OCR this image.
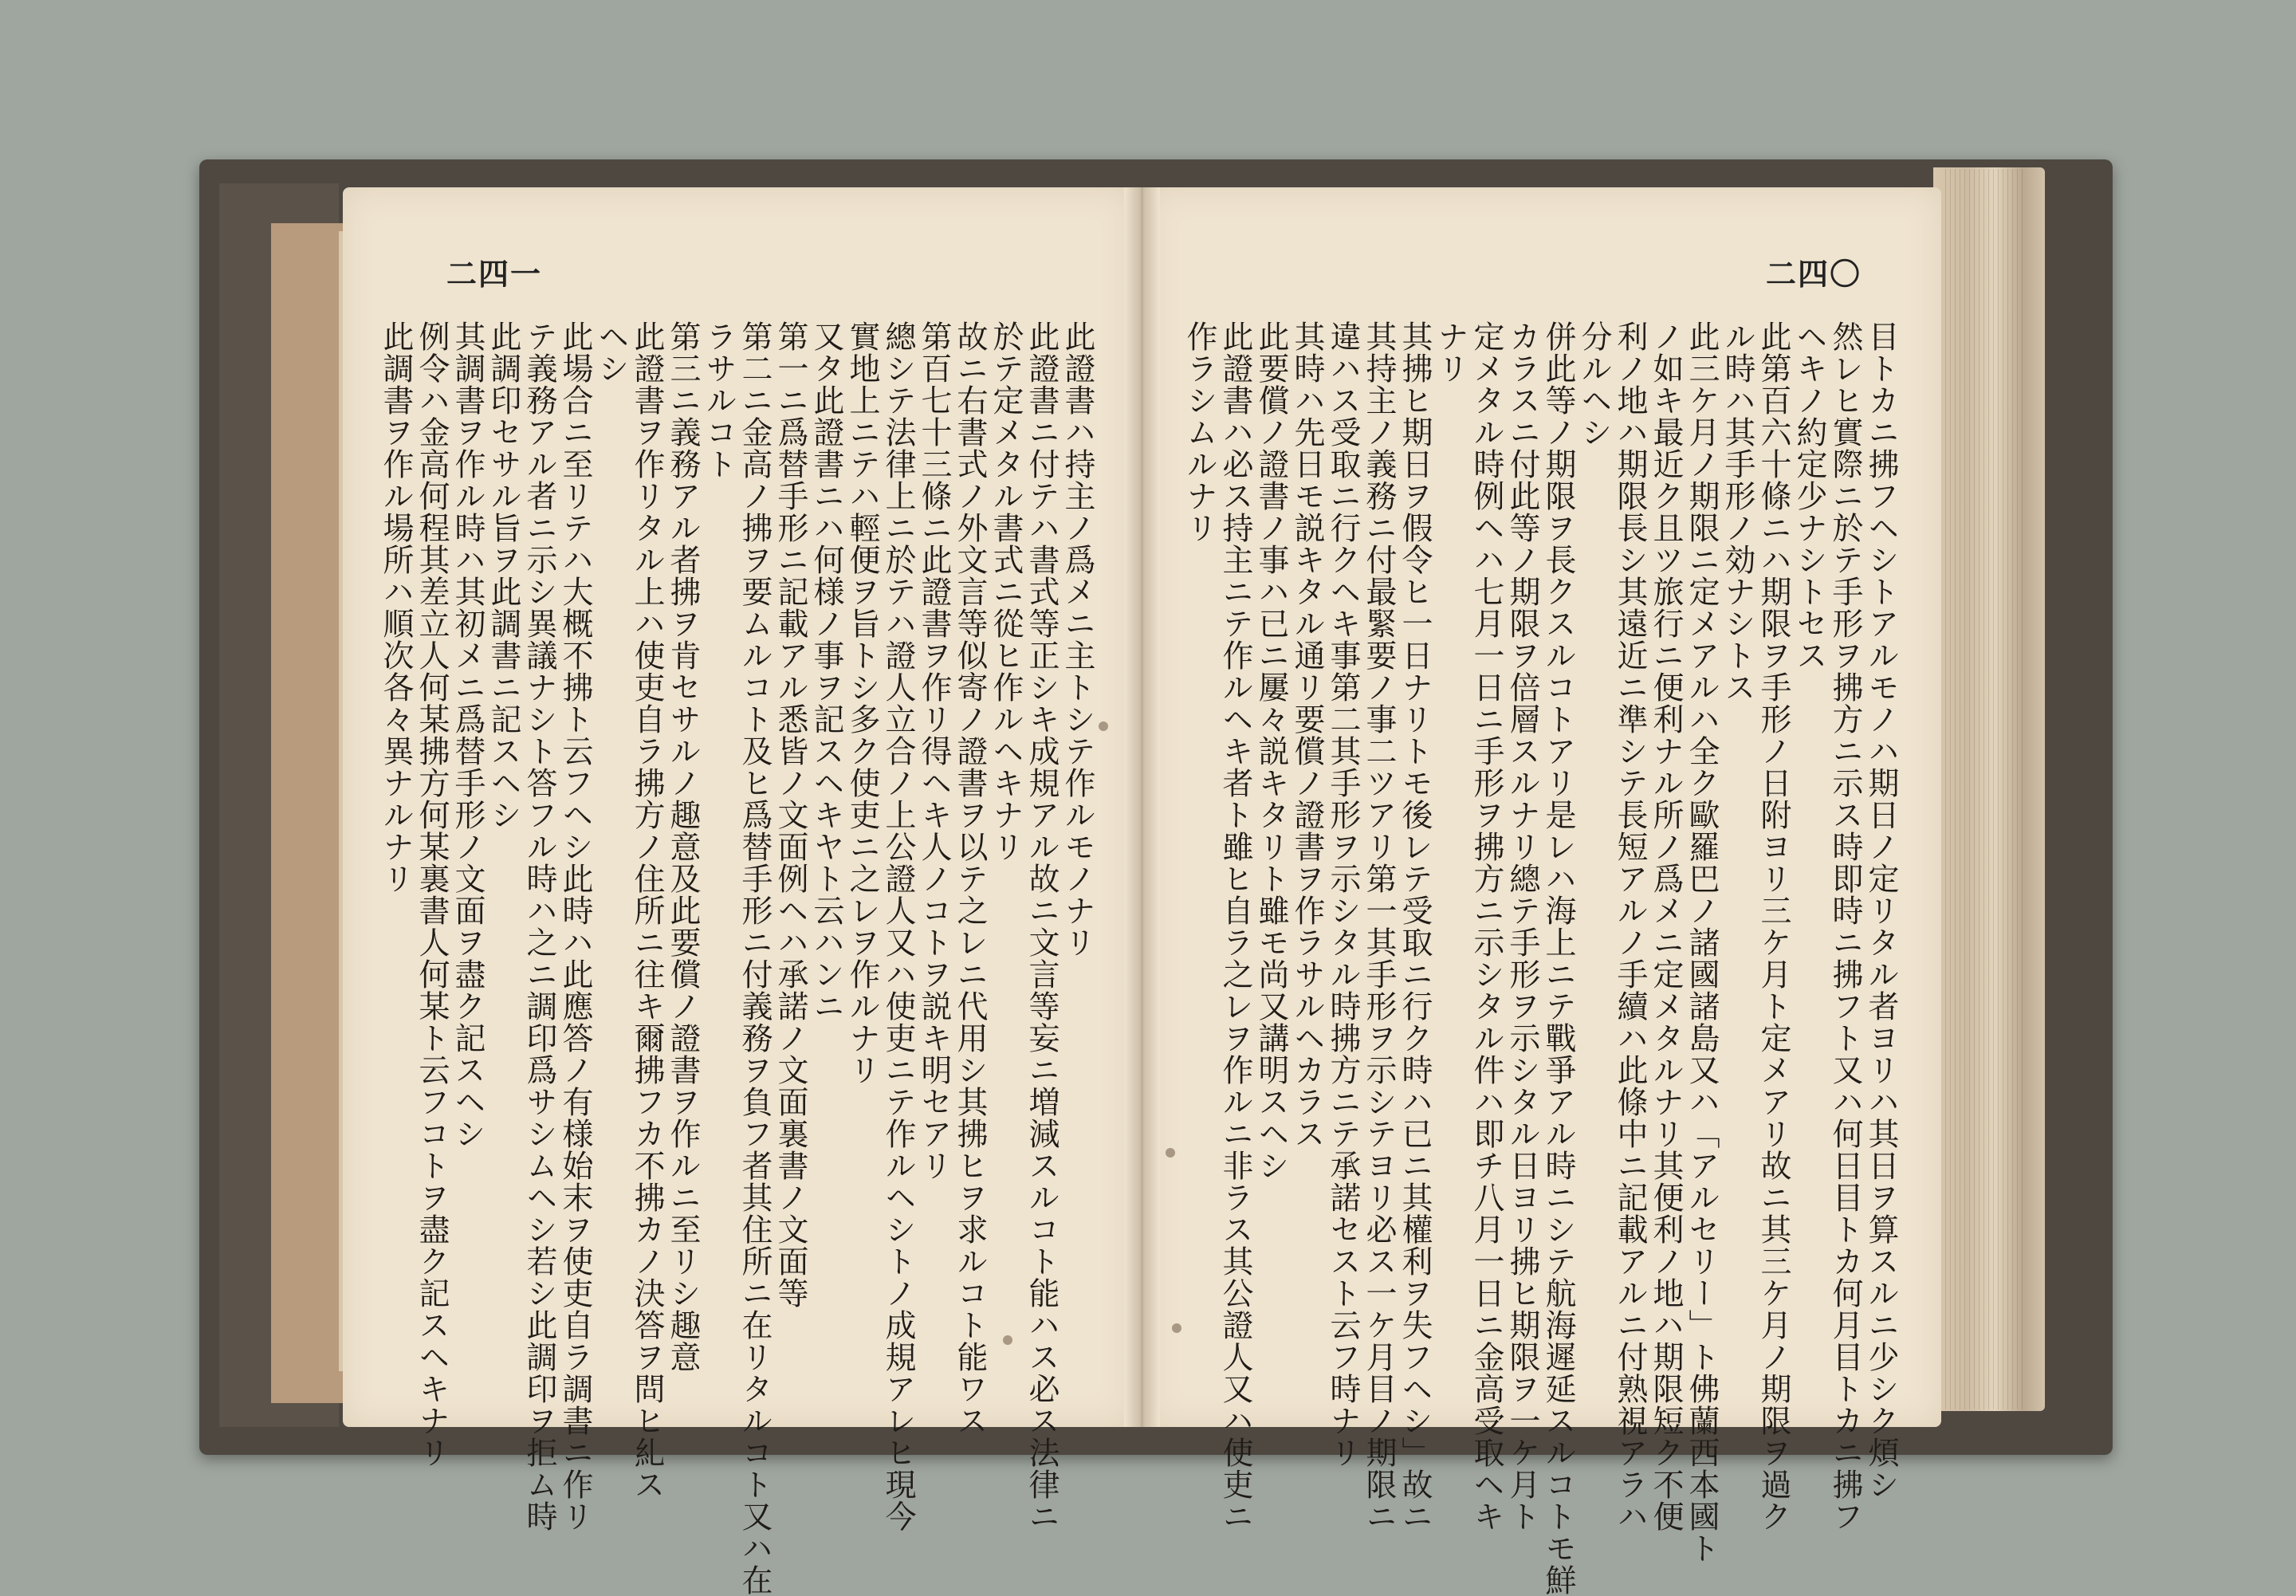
二四一	二四〇
此證書ハ持主ノ爲メニ主トシテ作ルモノナリ
此證書ニ付テハ書式等正シキ成規アル故ニ文言等妄ニ増減スルコト能ハス必ス法律ニ
於テ定メタル書式ニ從ヒ作ルヘキナリ
故ニ右書式ノ外文言等似寄ノ證書ヲ以テ之レニ代用シ其拂ヒヲ求ルコト能ワス
第百七十三條ニ此證書ヲ作リ得ヘキ人ノコトヲ説キ明セアリ
總シテ法律上ニ於テハ證人立合ノ上公證人又ハ使吏ニテ作ルヘシトノ成規アレヒ現今
實地上ニテハ輕便ヲ旨トシ多ク使吏ニ之レヲ作ルナリ
又タ此證書ニハ何様ノ事ヲ記スヘキヤト云ハンニ
第一ニ爲替手形ニ記載アル悉皆ノ文面例ヘハ承諾ノ文面裏書ノ文面等
第二ニ金高ノ拂ヲ要ムルコト及ヒ爲替手形ニ付義務ヲ負フ者其住所ニ在リタルコト又ハ在
ラサルコト
第三ニ義務アル者拂ヲ肯セサルノ趣意及此要償ノ證書ヲ作ルニ至リシ趣意
此證書ヲ作リタル上ハ使吏自ラ拂方ノ住所ニ往キ爾拂フカ不拂カノ決答ヲ問ヒ糺ス
ヘシ
此場合ニ至リテハ大概不拂ト云フヘシ此時ハ此應答ノ有様始末ヲ使吏自ラ調書ニ作リ
テ義務アル者ニ示シ異議ナシト答フル時ハ之ニ調印爲サシムヘシ若シ此調印ヲ拒ム時
此調印セサル旨ヲ此調書ニ記スヘシ
其調書ヲ作ル時ハ其初メニ爲替手形ノ文面ヲ盡ク記スヘシ
例令ハ金高何程其差立人何某拂方何某裏書人何某ト云フコトヲ盡ク記スヘキナリ
此調書ヲ作ル場所ハ順次各々異ナルナリ	目トカニ拂フヘシトアルモノハ期日ノ定リタル者ヨリハ其日ヲ算スルニ少シク煩シ
然レヒ實際ニ於テ手形ヲ拂方ニ示ス時即時ニ拂フト又ハ何日目トカ何月目トカニ拂フ
ヘキノ約定少ナシトセス
此第百六十條ニハ期限ヲ手形ノ日附ヨリ三ケ月ト定メアリ故ニ其三ケ月ノ期限ヲ過ク
ル時ハ其手形ノ効ナシトス
此三ケ月ノ期限ニ定メアルハ全ク歐羅巴ノ諸國諸島又ハ「アルセリー」ト佛蘭西本國ト
ノ如キ最近ク且ツ旅行ニ便利ナル所ノ爲メニ定メタルナリ其便利ノ地ハ期限短ク不便
利ノ地ハ期限長シ其遠近ニ準シテ長短アルノ手續ハ此條中ニ記載アルニ付熟視アラハ
分ルヘシ
併此等ノ期限ヲ長クスルコトアリ是レハ海上ニテ戰爭アル時ニシテ航海遲延スルコトモ鮮
カラスニ付此等ノ期限ヲ倍層スルナリ總テ手形ヲ示シタル日ヨリ拂ヒ期限ヲ一ケ月ト
定メタル時例ヘハ七月一日ニ手形ヲ拂方ニ示シタル件ハ即チ八月一日ニ金高受取ヘキ
ナリ
其拂ヒ期日ヲ假令ヒ一日ナリトモ後レテ受取ニ行ク時ハ已ニ其權利ヲ失フヘシ」故ニ
其持主ノ義務ニ付最緊要ノ事二ツアリ第一其手形ヲ示シテヨリ必ス一ケ月目ノ期限ニ
違ハス受取ニ行クヘキ事第二其手形ヲ示シタル時拂方ニテ承諾セスト云フ時ナリ
其時ハ先日モ説キタル通リ要償ノ證書ヲ作ラサルヘカラス
此要償ノ證書ノ事ハ已ニ屢々説キタリト雖モ尚又講明スヘシ
此證書ハ必ス持主ニテ作ルヘキ者ト雖ヒ自ラ之レヲ作ルニ非ラス其公證人又ハ使吏ニ
作ラシムルナリ
